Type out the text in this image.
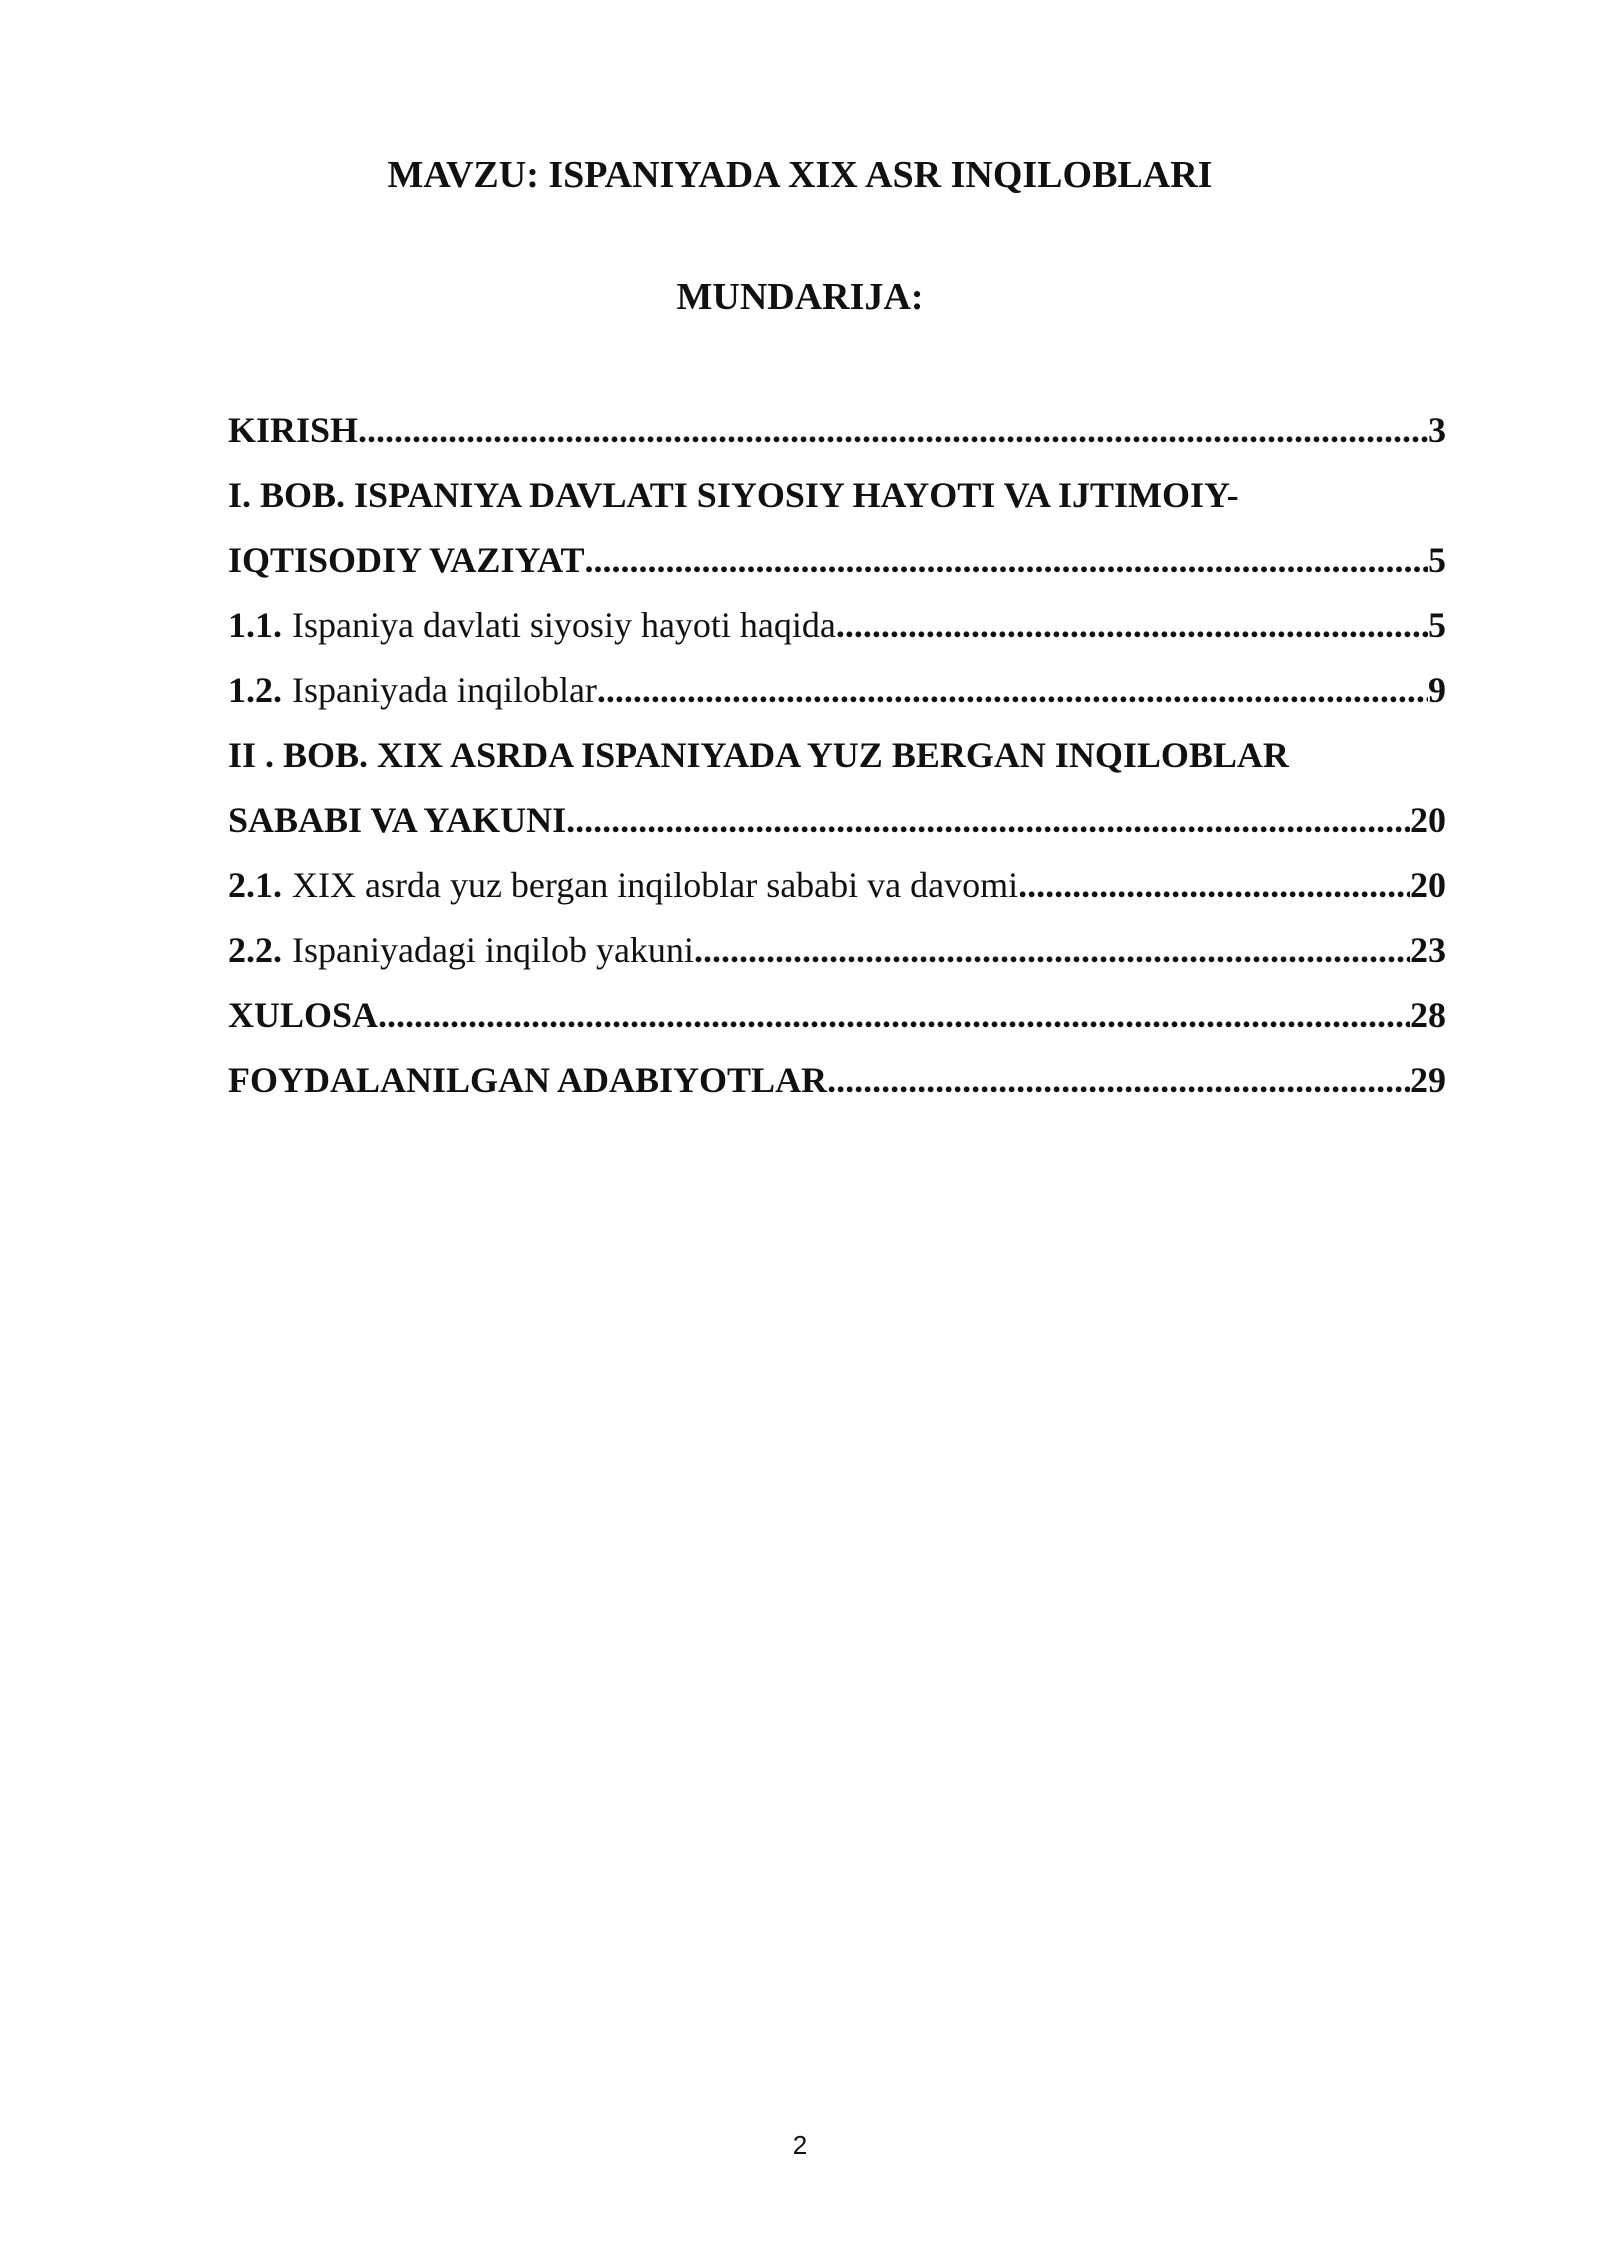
MAVZU: ISPANIYADA XIX ASR INQILOBLARI
MUNDARIJA:
KIRISH .....	3
I. BOB. ISPANIYA DAVLATI SIYOSIY HAYOTI VA IJTIMOIY-
IQTISODIY VAZIYAT .....	5
1.1. Ispaniya davlati siyosiy hayoti haqida .....	5
1.2. Ispaniyada inqiloblar .....	9
II . BOB. XIX ASRDA ISPANIYADA YUZ BERGAN INQILOBLAR
SABABI VA YAKUNI .....	20
2.1. XIX asrda yuz bergan inqiloblar sababi va davomi .....	20
2.2. Ispaniyadagi inqilob yakuni .....	23
XULOSA .....	28
FOYDALANILGAN ADABIYOTLAR .....	29
2
